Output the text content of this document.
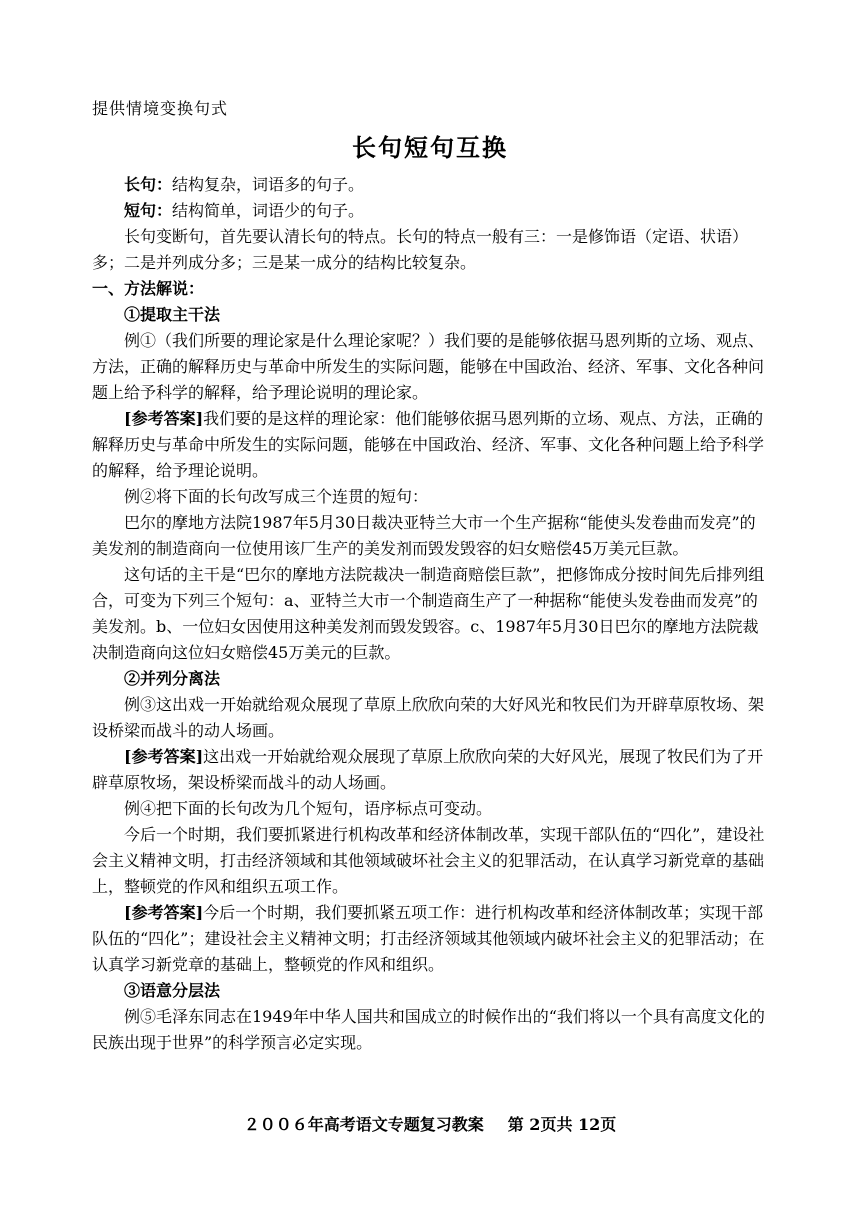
提供情境变换句式
长句短句互换

长句：结构复杂，词语多的句子。

短句：结构简单，词语少的句子。

长句变断句，首先要认清长句的特点。长句的特点一般有三：一是修饰语（定语、状语）多；二是并列成分多；三是某一成分的结构比较复杂。

一、方法解说：

①提取主干法

例①（我们所要的理论家是什么理论家呢？）我们要的是能够依据马恩列斯的立场、观点、方法，正确的解释历史与革命中所发生的实际问题，能够在中国政治、经济、军事、文化各种问题上给予科学的解释，给予理论说明的理论家。

[参考答案]我们要的是这样的理论家：他们能够依据马恩列斯的立场、观点、方法，正确的解释历史与革命中所发生的实际问题，能够在中国政治、经济、军事、文化各种问题上给予科学的解释，给予理论说明。

例②将下面的长句改写成三个连贯的短句：

巴尔的摩地方法院1987年5月30日裁决亚特兰大市一个生产据称“能使头发卷曲而发亮”的美发剂的制造商向一位使用该厂生产的美发剂而毁发毁容的妇女赔偿45万美元巨款。

这句话的主干是“巴尔的摩地方法院裁决一制造商赔偿巨款”，把修饰成分按时间先后排列组合，可变为下列三个短句：a、亚特兰大市一个制造商生产了一种据称“能使头发卷曲而发亮”的美发剂。b、一位妇女因使用这种美发剂而毁发毁容。c、1987年5月30日巴尔的摩地方法院裁决制造商向这位妇女赔偿45万美元的巨款。

②并列分离法

例③这出戏一开始就给观众展现了草原上欣欣向荣的大好风光和牧民们为开辟草原牧场、架设桥梁而战斗的动人场画。

[参考答案]这出戏一开始就给观众展现了草原上欣欣向荣的大好风光，展现了牧民们为了开辟草原牧场，架设桥梁而战斗的动人场画。

例④把下面的长句改为几个短句，语序标点可变动。

今后一个时期，我们要抓紧进行机构改革和经济体制改革，实现干部队伍的“四化”，建设社会主义精神文明，打击经济领域和其他领域破坏社会主义的犯罪活动，在认真学习新党章的基础上，整顿党的作风和组织五项工作。

[参考答案]今后一个时期，我们要抓紧五项工作：进行机构改革和经济体制改革；实现干部队伍的“四化”；建设社会主义精神文明；打击经济领域其他领域内破坏社会主义的犯罪活动；在认真学习新党章的基础上，整顿党的作风和组织。

③语意分层法

例⑤毛泽东同志在1949年中华人国共和国成立的时候作出的“我们将以一个具有高度文化的民族出现于世界”的科学预言必定实现。

２００６年高考语文专题复习教案 第 2页共 12页
